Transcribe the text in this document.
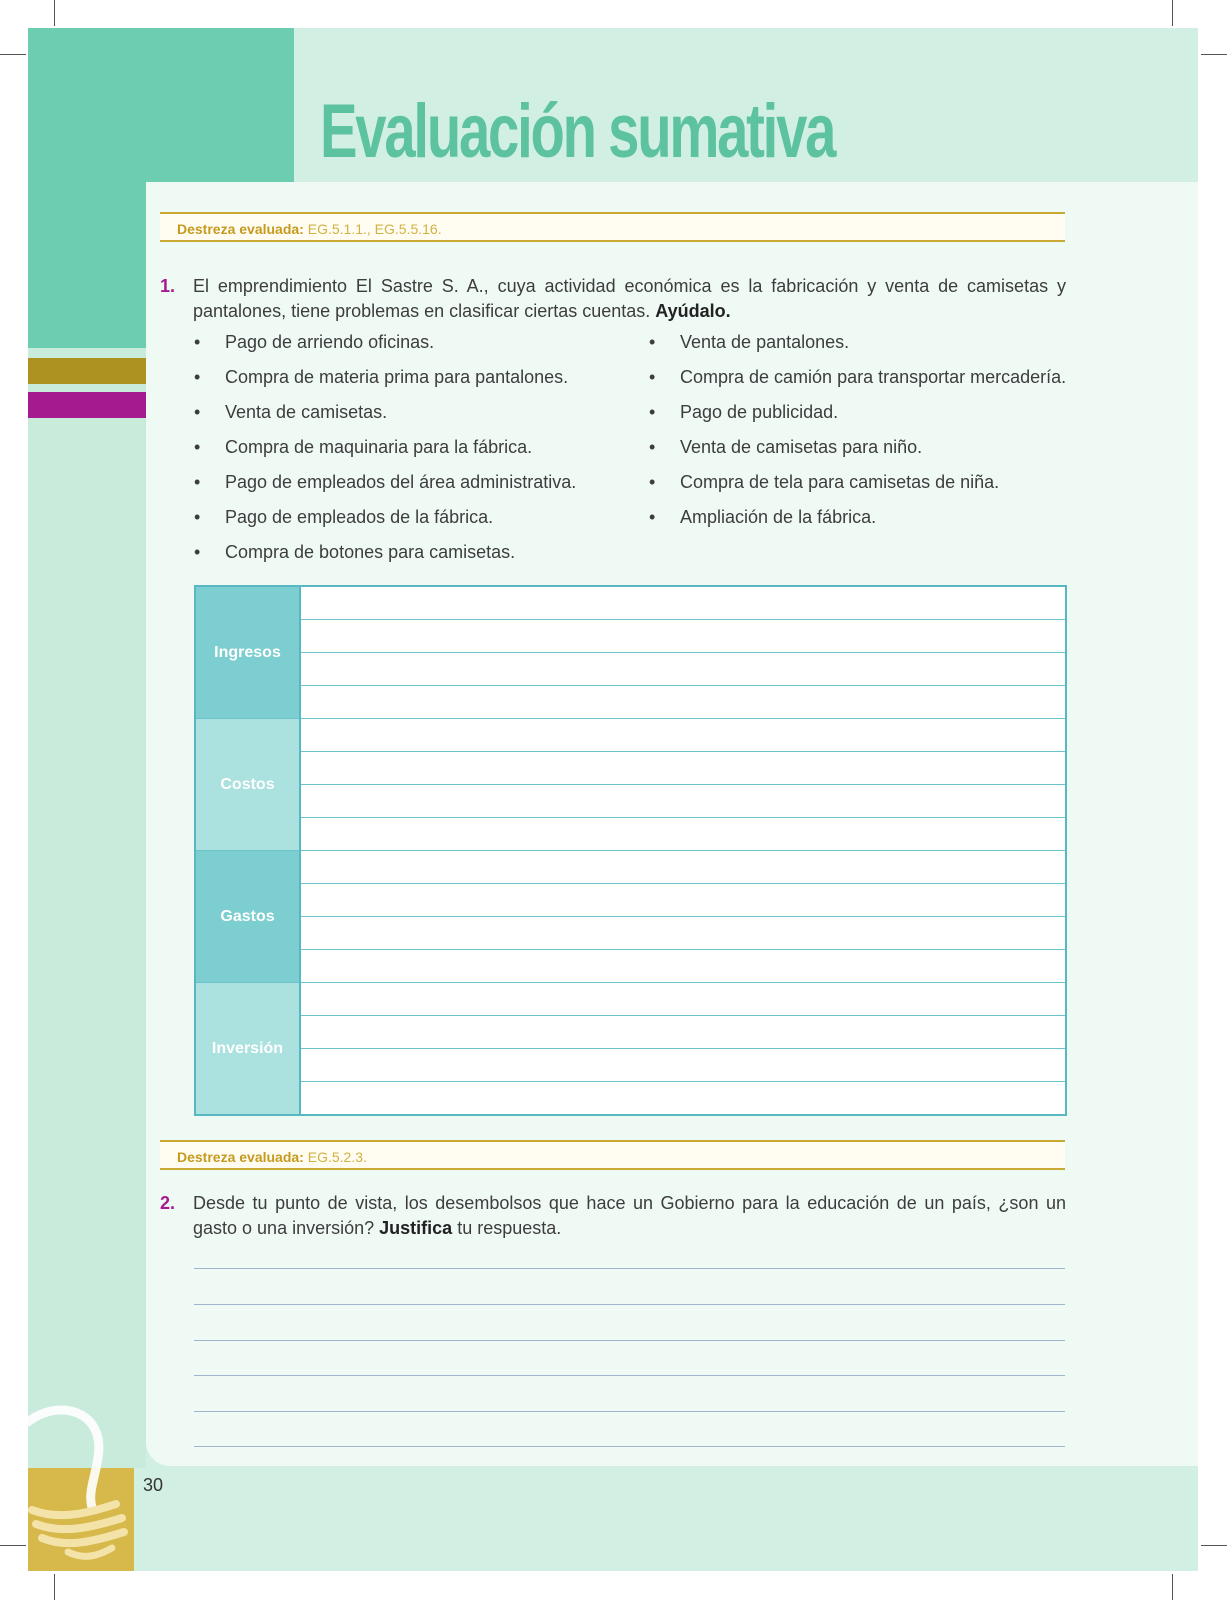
Evaluación sumativa
Destreza evaluada: EG.5.1.1., EG.5.5.16.
1. El emprendimiento El Sastre S. A., cuya actividad económica es la fabricación y venta de camisetas y pantalones, tiene problemas en clasificar ciertas cuentas. Ayúdalo.
• Pago de arriendo oficinas.
• Compra de materia prima para pantalones.
• Venta de camisetas.
• Compra de maquinaria para la fábrica.
• Pago de empleados del área administrativa.
• Pago de empleados de la fábrica.
• Compra de botones para camisetas.
• Venta de pantalones.
• Compra de camión para transportar mercadería.
• Pago de publicidad.
• Venta de camisetas para niño.
• Compra de tela para camisetas de niña.
• Ampliación de la fábrica.
Ingresos	

Costos	

Gastos	

Inversión	

Destreza evaluada: EG.5.2.3.
2. Desde tu punto de vista, los desembolsos que hace un Gobierno para la educación de un país, ¿son un gasto o una inversión? Justifica tu respuesta.
30
